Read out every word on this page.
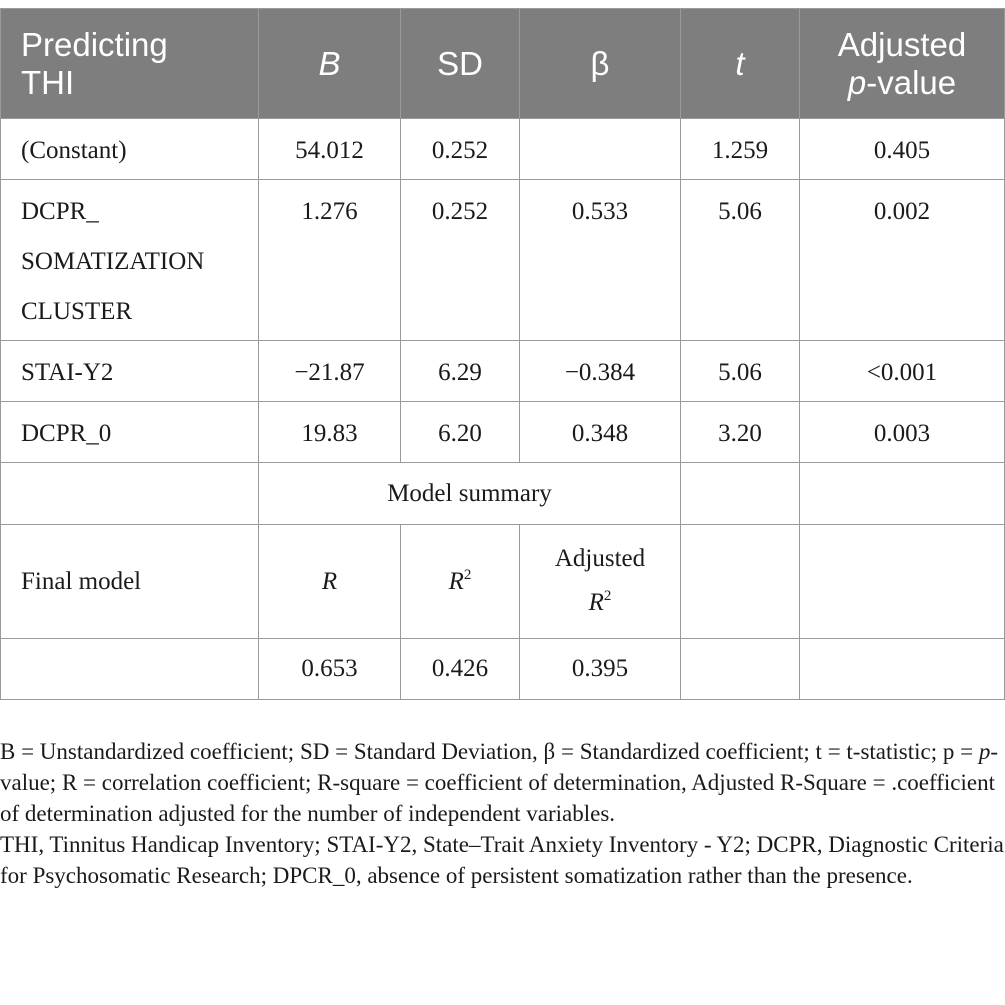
Predicting
THI	B	SD	β	t	Adjusted
p-value
(Constant)	54.012	0.252		1.259	0.405
DCPR_
SOMATIZATION
CLUSTER	1.276	0.252	0.533	5.06	0.002
STAI-Y2	−21.87	6.29	−0.384	5.06	<0.001
DCPR_0	19.83	6.20	0.348	3.20	0.003
	Model summary				
Final model	R	$R^2$	Adjusted
$R^2$		
	0.653	0.426	0.395		

B = Unstandardized coefficient; SD = Standard Deviation, β = Standardized coefficient; t = t-statistic; p = p-value; R = correlation coefficient; R-square = coefficient of determination, Adjusted R-Square = .coefficient of determination adjusted for the number of independent variables.

THI, Tinnitus Handicap Inventory; STAI-Y2, State–Trait Anxiety Inventory - Y2; DCPR, Diagnostic Criteria for Psychosomatic Research; DPCR_0, absence of persistent somatization rather than the presence.
